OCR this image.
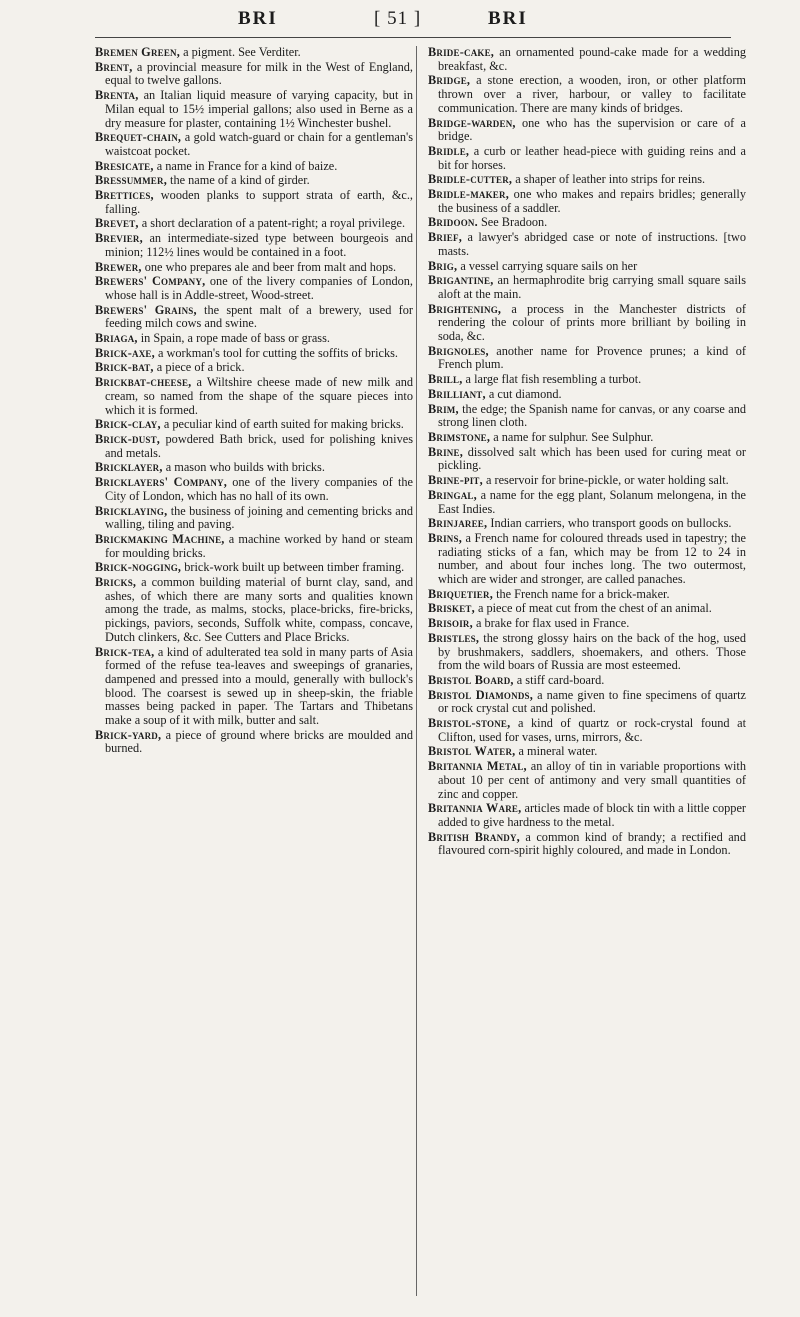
BRI	[ 51 ]	BRI

Bremen Green, a pigment. See Verditer.

Brent, a provincial measure for milk in the West of England, equal to twelve gallons.

Brenta, an Italian liquid measure of varying capacity, but in Milan equal to 15½ imperial gallons; also used in Berne as a dry measure for plaster, containing 1½ Winchester bushel.

Brequet-chain, a gold watch-guard or chain for a gentleman's waistcoat pocket.

Bresicate, a name in France for a kind of baize.

Bressummer, the name of a kind of girder.

Brettices, wooden planks to support strata of earth, &c., falling.

Brevet, a short declaration of a patent-right; a royal privilege.

Brevier, an intermediate-sized type between bourgeois and minion; 112½ lines would be contained in a foot.

Brewer, one who prepares ale and beer from malt and hops.

Brewers' Company, one of the livery companies of London, whose hall is in Addle-street, Wood-street.

Brewers' Grains, the spent malt of a brewery, used for feeding milch cows and swine.

Briaga, in Spain, a rope made of bass or grass.

Brick-axe, a workman's tool for cutting the soffits of bricks.

Brick-bat, a piece of a brick.

Brickbat-cheese, a Wiltshire cheese made of new milk and cream, so named from the shape of the square pieces into which it is formed.

Brick-clay, a peculiar kind of earth suited for making bricks.

Brick-dust, powdered Bath brick, used for polishing knives and metals.

Bricklayer, a mason who builds with bricks.

Bricklayers' Company, one of the livery companies of the City of London, which has no hall of its own.

Bricklaying, the business of joining and cementing bricks and walling, tiling and paving.

Brickmaking Machine, a machine worked by hand or steam for moulding bricks.

Brick-nogging, brick-work built up between timber framing.

Bricks, a common building material of burnt clay, sand, and ashes, of which there are many sorts and qualities known among the trade, as malms, stocks, place-bricks, fire-bricks, pickings, paviors, seconds, Suffolk white, compass, concave, Dutch clinkers, &c. See Cutters and Place Bricks.

Brick-tea, a kind of adulterated tea sold in many parts of Asia formed of the refuse tea-leaves and sweepings of granaries, dampened and pressed into a mould, generally with bullock's blood. The coarsest is sewed up in sheep-skin, the friable masses being packed in paper. The Tartars and Thibetans make a soup of it with milk, butter and salt.

Brick-yard, a piece of ground where bricks are moulded and burned.

Bride-cake, an ornamented pound-cake made for a wedding breakfast, &c.

Bridge, a stone erection, a wooden, iron, or other platform thrown over a river, harbour, or valley to facilitate communication. There are many kinds of bridges.

Bridge-warden, one who has the supervision or care of a bridge.

Bridle, a curb or leather head-piece with guiding reins and a bit for horses.

Bridle-cutter, a shaper of leather into strips for reins.

Bridle-maker, one who makes and repairs bridles; generally the business of a saddler.

Bridoon. See Bradoon.

Brief, a lawyer's abridged case or note of instructions. [two masts.

Brig, a vessel carrying square sails on her

Brigantine, an hermaphrodite brig carrying small square sails aloft at the main.

Brightening, a process in the Manchester districts of rendering the colour of prints more brilliant by boiling in soda, &c.

Brignoles, another name for Provence prunes; a kind of French plum.

Brill, a large flat fish resembling a turbot.

Brilliant, a cut diamond.

Brim, the edge; the Spanish name for canvas, or any coarse and strong linen cloth.

Brimstone, a name for sulphur. See Sulphur.

Brine, dissolved salt which has been used for curing meat or pickling.

Brine-pit, a reservoir for brine-pickle, or water holding salt.

Bringal, a name for the egg plant, Solanum melongena, in the East Indies.

Brinjaree, Indian carriers, who transport goods on bullocks.

Brins, a French name for coloured threads used in tapestry; the radiating sticks of a fan, which may be from 12 to 24 in number, and about four inches long. The two outermost, which are wider and stronger, are called panaches.

Briquetier, the French name for a brick-maker.

Brisket, a piece of meat cut from the chest of an animal.

Brisoir, a brake for flax used in France.

Bristles, the strong glossy hairs on the back of the hog, used by brushmakers, saddlers, shoemakers, and others. Those from the wild boars of Russia are most esteemed.

Bristol Board, a stiff card-board.

Bristol Diamonds, a name given to fine specimens of quartz or rock crystal cut and polished.

Bristol-stone, a kind of quartz or rock-crystal found at Clifton, used for vases, urns, mirrors, &c.

Bristol Water, a mineral water.

Britannia Metal, an alloy of tin in variable proportions with about 10 per cent of antimony and very small quantities of zinc and copper.

Britannia Ware, articles made of block tin with a little copper added to give hardness to the metal.

British Brandy, a common kind of brandy; a rectified and flavoured corn-spirit highly coloured, and made in London.
